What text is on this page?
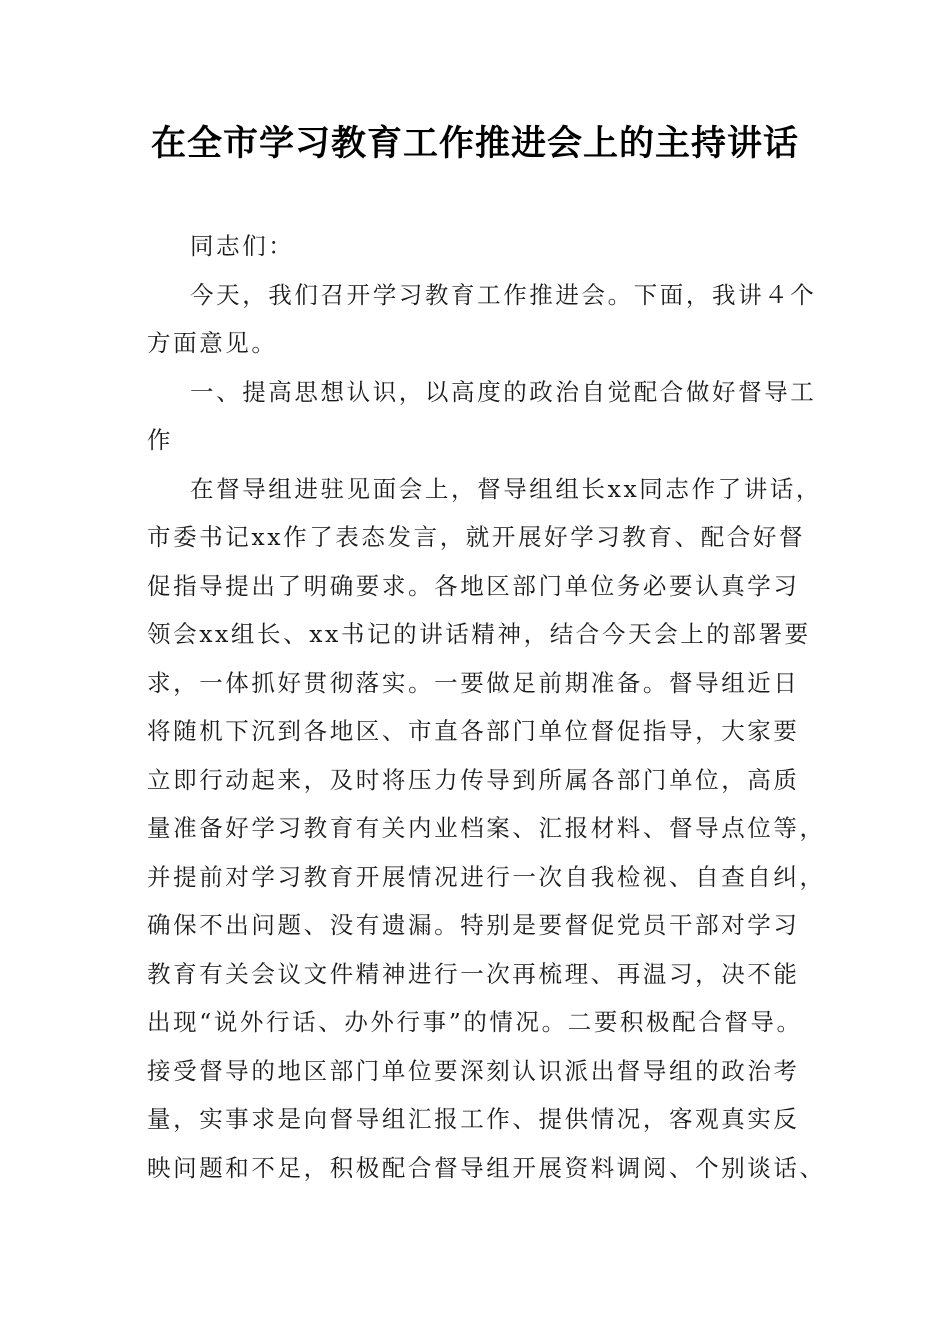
在全市学习教育工作推进会上的主持讲话
同志们：
今天，我们召开学习教育工作推进会。下面，我讲４个
方面意见。
一、提高思想认识，以高度的政治自觉配合做好督导工
作
在督导组进驻见面会上，督导组组长xx同志作了讲话，
市委书记xx作了表态发言，就开展好学习教育、配合好督
促指导提出了明确要求。各地区部门单位务必要认真学习
领会xx组长、xx书记的讲话精神，结合今天会上的部署要
求，一体抓好贯彻落实。一要做足前期准备。督导组近日
将随机下沉到各地区、市直各部门单位督促指导，大家要
立即行动起来，及时将压力传导到所属各部门单位，高质
量准备好学习教育有关内业档案、汇报材料、督导点位等，
并提前对学习教育开展情况进行一次自我检视、自查自纠，
确保不出问题、没有遗漏。特别是要督促党员干部对学习
教育有关会议文件精神进行一次再梳理、再温习，决不能
出现“说外行话、办外行事”的情况。二要积极配合督导。
接受督导的地区部门单位要深刻认识派出督导组的政治考
量，实事求是向督导组汇报工作、提供情况，客观真实反
映问题和不足，积极配合督导组开展资料调阅、个别谈话、
